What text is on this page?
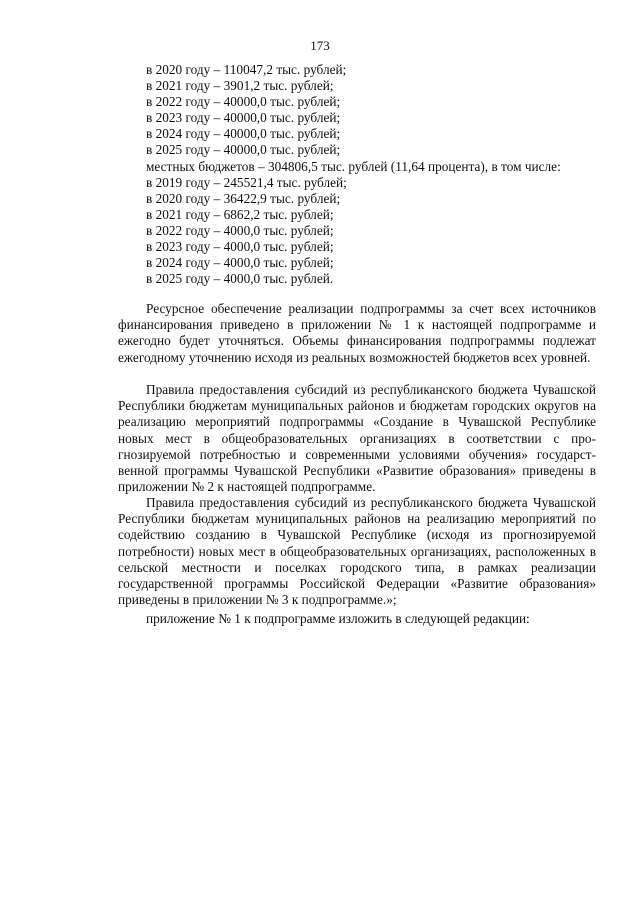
173
в 2020 году – 110047,2 тыс. рублей;
в 2021 году – 3901,2 тыс. рублей;
в 2022 году – 40000,0 тыс. рублей;
в 2023 году – 40000,0 тыс. рублей;
в 2024 году – 40000,0 тыс. рублей;
в 2025 году – 40000,0 тыс. рублей;
местных бюджетов – 304806,5 тыс. рублей (11,64 процента), в том числе:
в 2019 году – 245521,4 тыс. рублей;
в 2020 году – 36422,9 тыс. рублей;
в 2021 году – 6862,2 тыс. рублей;
в 2022 году – 4000,0 тыс. рублей;
в 2023 году – 4000,0 тыс. рублей;
в 2024 году – 4000,0 тыс. рублей;
в 2025 году – 4000,0 тыс. рублей.

Ресурсное обеспечение реализации подпрограммы за счет всех источников финансирования приведено в приложении № 1 к настоящей подпрограмме и ежегодно будет уточняться. Объемы финансирования подпрограммы подлежат ежегодному уточнению исходя из реальных возможностей бюджетов всех уровней.

Правила предоставления субсидий из республиканского бюджета Чувашской Республики бюджетам муниципальных районов и бюджетам городских округов на реализацию мероприятий подпрограммы «Создание в Чувашской Республике новых мест в общеобразовательных организациях в соответствии с прогнозируемой потребностью и современными условиями обучения» государственной программы Чувашской Республики «Развитие образования» приведены в приложении № 2 к настоящей подпрограмме.

Правила предоставления субсидий из республиканского бюджета Чувашской Республики бюджетам муниципальных районов на реализацию мероприятий по содействию созданию в Чувашской Республике (исходя из прогнозируемой потребности) новых мест в общеобразовательных организациях, расположенных в сельской местности и поселках городского типа, в рамках реализации государственной программы Российской Федерации «Развитие образования» приведены в приложении № 3 к подпрограмме.»;

приложение № 1 к подпрограмме изложить в следующей редакции:
